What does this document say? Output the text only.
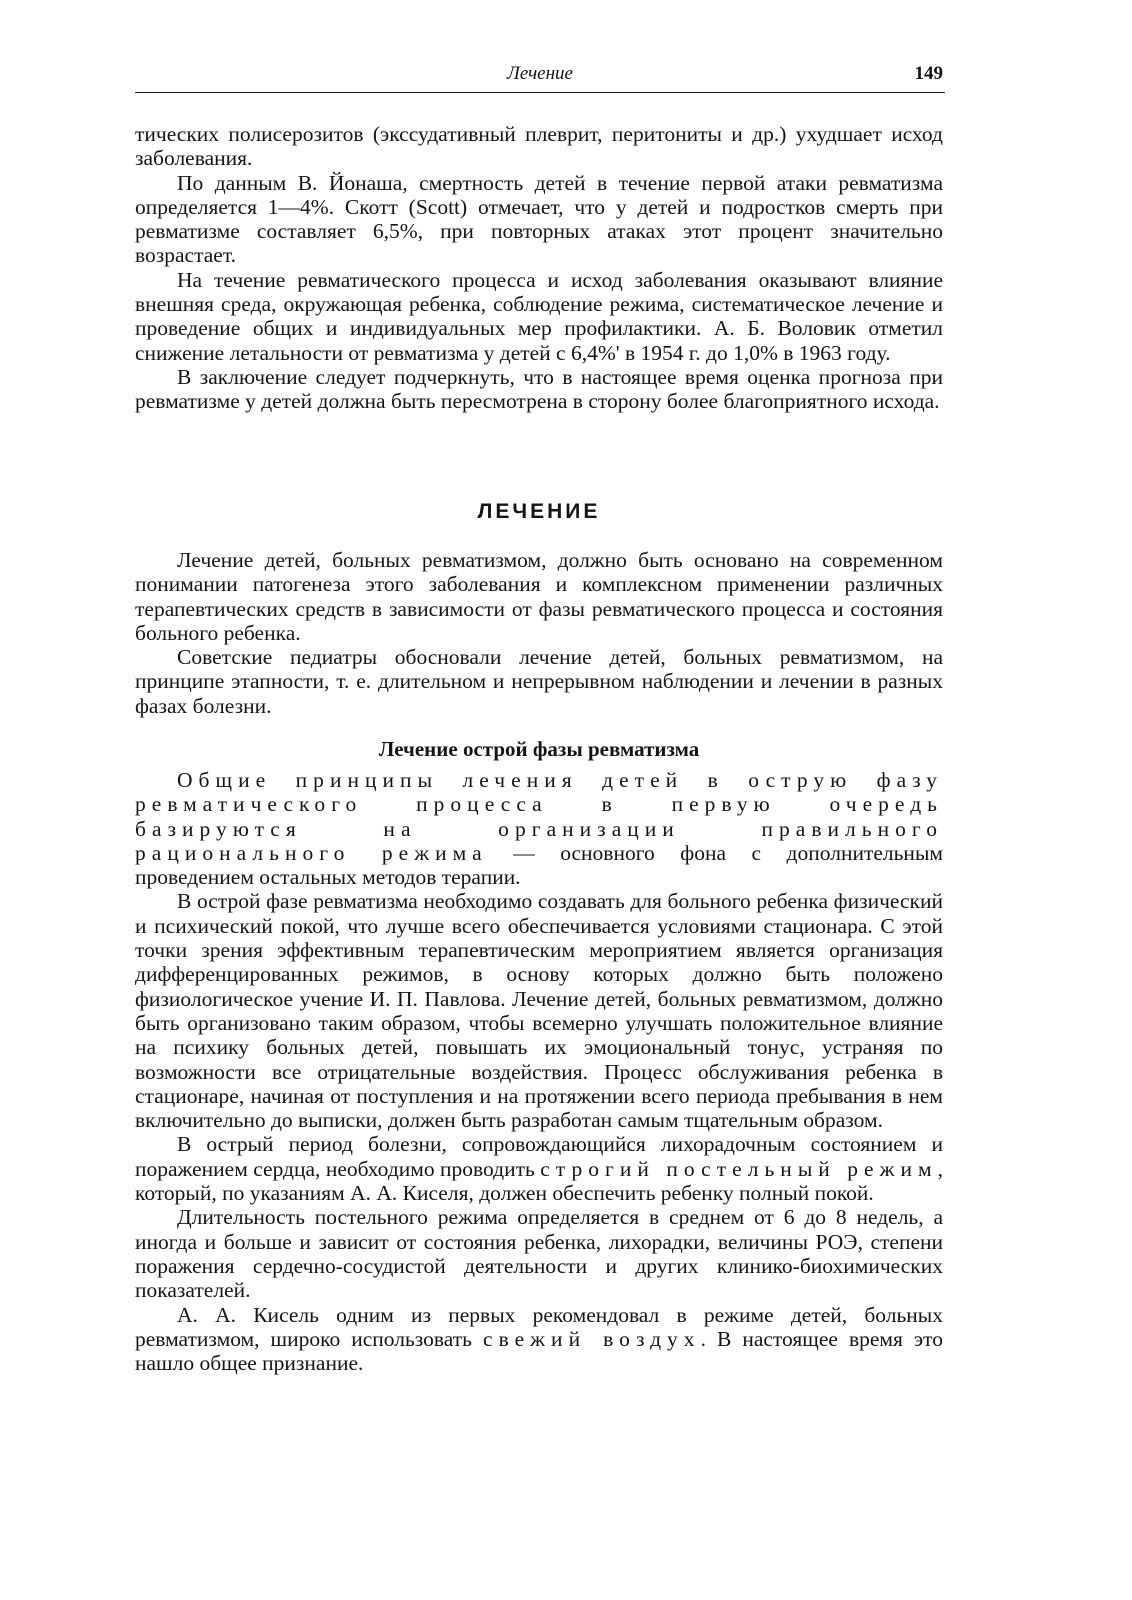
Лечение	149

тических полисерозитов (экссудативный плеврит, перитониты и др.) ухудшает исход заболевания.

По данным В. Йонаша, смертность детей в течение первой атаки ревматизма определяется 1—4%. Скотт (Scott) отмечает, что у детей и подростков смерть при ревматизме составляет 6,5%, при повторных атаках этот процент значительно возрастает.

На течение ревматического процесса и исход заболевания оказывают влияние внешняя среда, окружающая ребенка, соблюдение режима, систематическое лечение и проведение общих и индивидуальных мер профилактики. А. Б. Воловик отметил снижение летальности от ревматизма у детей с 6,4%' в 1954 г. до 1,0% в 1963 году.

В заключение следует подчеркнуть, что в настоящее время оценка прогноза при ревматизме у детей должна быть пересмотрена в сторону более благоприятного исхода.

ЛЕЧЕНИЕ

Лечение детей, больных ревматизмом, должно быть основано на современном понимании патогенеза этого заболевания и комплексном применении различных терапевтических средств в зависимости от фазы ревматического процесса и состояния больного ребенка.

Советские педиатры обосновали лечение детей, больных ревматизмом, на принципе этапности, т. е. длительном и непрерывном наблюдении и лечении в разных фазах болезни.

Лечение острой фазы ревматизма

Общие принципы лечения детей в острую фазу ревматического процесса в первую очередь базируются на организации правильного рационального режима — основного фона с дополнительным проведением остальных методов терапии.

В острой фазе ревматизма необходимо создавать для больного ребенка физический и психический покой, что лучше всего обеспечивается условиями стационара. С этой точки зрения эффективным терапевтическим мероприятием является организация дифференцированных режимов, в основу которых должно быть положено физиологическое учение И. П. Павлова. Лечение детей, больных ревматизмом, должно быть организовано таким образом, чтобы всемерно улучшать положительное влияние на психику больных детей, повышать их эмоциональный тонус, устраняя по возможности все отрицательные воздействия. Процесс обслуживания ребенка в стационаре, начиная от поступления и на протяжении всего периода пребывания в нем включительно до выписки, должен быть разработан самым тщательным образом.

В острый период болезни, сопровождающийся лихорадочным состоянием и поражением сердца, необходимо проводить строгий постельный режим, который, по указаниям А. А. Киселя, должен обеспечить ребенку полный покой.

Длительность постельного режима определяется в среднем от 6 до 8 недель, а иногда и больше и зависит от состояния ребенка, лихорадки, величины РОЭ, степени поражения сердечно-сосудистой деятельности и других клинико-биохимических показателей.

А. А. Кисель одним из первых рекомендовал в режиме детей, больных ревматизмом, широко использовать свежий воздух. В настоящее время это нашло общее признание.
